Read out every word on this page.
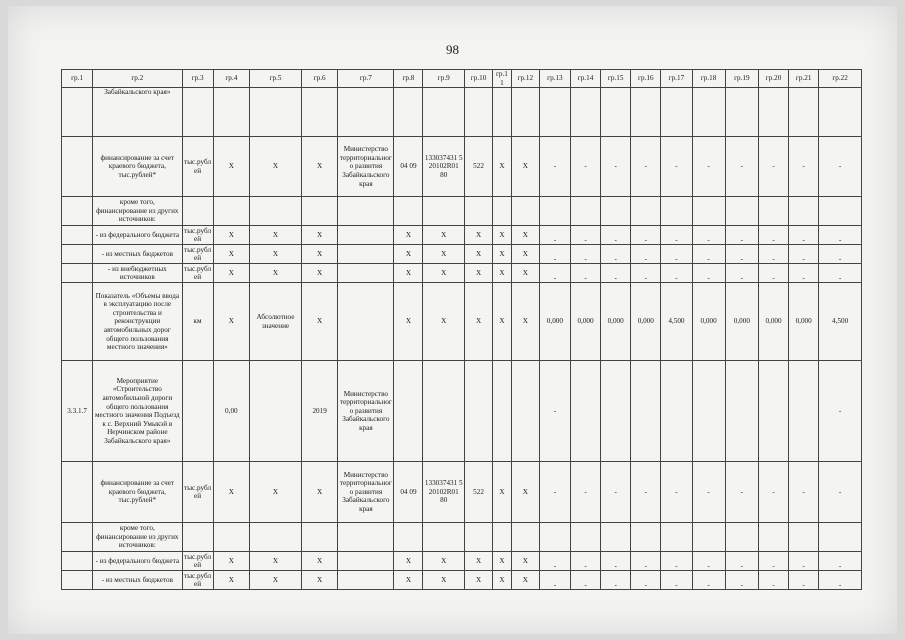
98
гр.1	гр.2	гр.3	гр.4	гр.5	гр.6	гр.7	гр.8	гр.9	гр.10	гр.1 1	гр.12	гр.13	гр.14	гр.15	гр.16	гр.17	гр.18	гр.19	гр.20	гр.21	гр.22
	Забайкальского края»																				
	финансирование за счет краевого бюджета, тыс.рублей*	тыс.рублей	Х	Х	Х	Министерство территориального развития Забайкальского края	04 09	133037431 5 20102R01 80	522	Х	Х	-	-	-	-	-	-	-	-	-	-
	кроме того, финансирование из других источников:																				
	- из федерального бюджета	тыс.рублей	Х	Х	Х		Х	Х	Х	Х	Х	-	-	-	-	-	-	-	-	-	-
	- из местных бюджетов	тыс.рублей	Х	Х	Х		Х	Х	Х	Х	Х	-	-	-	-	-	-	-	-	-	-
	- из внебюджетных источников	тыс.рублей	Х	Х	Х		Х	Х	Х	Х	Х	-	-	-	-	-	-	-	-	-	-
	Показатель «Объемы ввода в эксплуатацию после строительства и реконструкции автомобильных дорог общего пользования местного значения»	км	Х	Абсолютное значение	Х		Х	Х	Х	Х	Х	0,000	0,000	0,000	0,000	4,500	0,000	0,000	0,000	0,000	4,500
3.3.1.7	Мероприятие «Строительство автомобильной дороги общего пользования местного значения Подъезд к с. Верхний Умыкэй в Нерчинском районе Забайкальского края»		0,00		2019	Министерство территориального развития Забайкальского края						-									-
	финансирование за счет краевого бюджета, тыс.рублей*	тыс.рублей	Х	Х	Х	Министерство территориального развития Забайкальского края	04 09	133037431 5 20102R01 80	522	Х	Х	-	-	-	-	-	-	-	-	-	-
	кроме того, финансирование из других источников:																				
	- из федерального бюджета	тыс.рублей	Х	Х	Х		Х	Х	Х	Х	Х	-	-	-	-	-	-	-	-	-	-
	- из местных бюджетов	тыс.рублей	Х	Х	Х		Х	Х	Х	Х	Х	-	-	-	-	-	-	-	-	-	-
